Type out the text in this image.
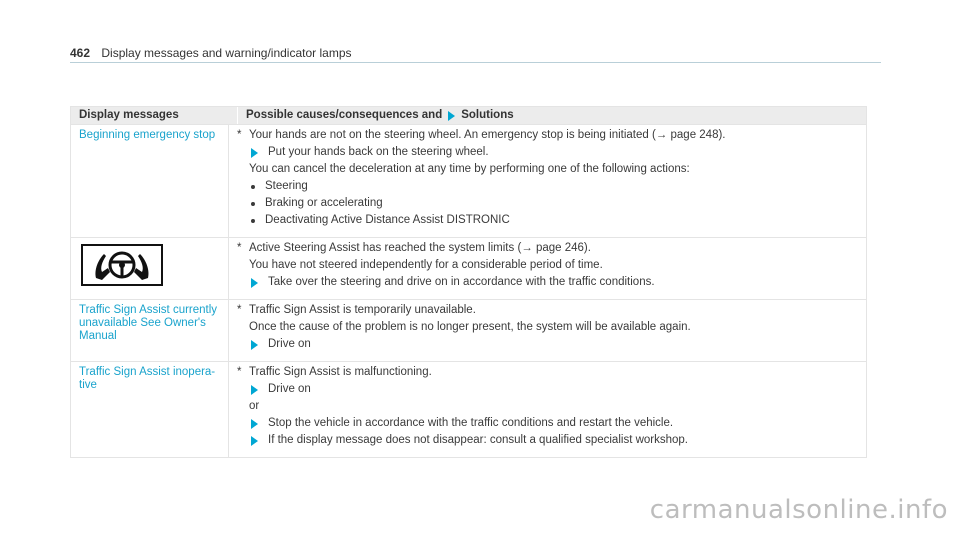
462 Display messages and warning/indicator lamps
Display messages	Possible causes/consequences and Solutions
Beginning emergency stop	* Your hands are not on the steering wheel. An emergency stop is being initiated (→ page 248).
Put your hands back on the steering wheel.
You can cancel the deceleration at any time by performing one of the following actions:
Steering
Braking or accelerating
Deactivating Active Distance Assist DISTRONIC
* Active Steering Assist has reached the system limits (→ page 246).
You have not steered independently for a considerable period of time.
Take over the steering and drive on in accordance with the traffic conditions.
Traffic Sign Assist currently unavailable See Owner's Manual
* Traffic Sign Assist is temporarily unavailable.
Once the cause of the problem is no longer present, the system will be available again.
Drive on
Traffic Sign Assist inopera-tive
* Traffic Sign Assist is malfunctioning.
Drive on
or
Stop the vehicle in accordance with the traffic conditions and restart the vehicle.
If the display message does not disappear: consult a qualified specialist workshop.
carmanualsonline.info
